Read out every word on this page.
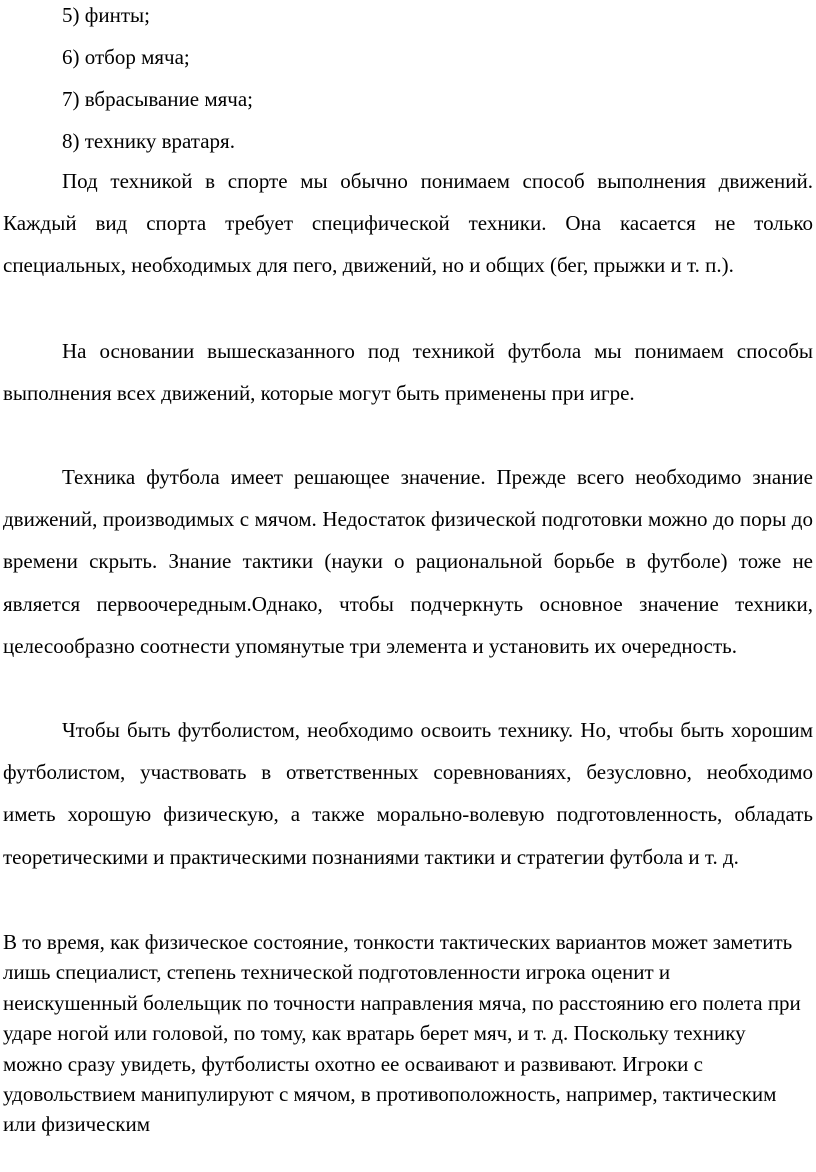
5) финты;
6) отбор мяча;
7) вбрасывание мяча;
8) технику вратаря.

Под техникой в спорте мы обычно понимаем способ выполнения движений. Каждый вид спорта требует специфической техники. Она касается не только специальных, необходимых для пего, движений, но и общих (бег, прыжки и т. п.).

На основании вышесказанного под техникой футбола мы понимаем способы выполнения всех движений, которые могут быть применены при игре.

Техника футбола имеет решающее значение. Прежде всего необходимо знание движений, производимых с мячом. Недостаток физической подготовки можно до поры до времени скрыть. Знание тактики (науки о рациональной борьбе в футболе) тоже не является первоочередным.Однако, чтобы подчеркнуть основное значение техники, целесообразно соотнести упомянутые три элемента и установить их очередность.

Чтобы быть футболистом, необходимо освоить технику. Но, чтобы быть хорошим футболистом, участвовать в ответственных соревнованиях, безусловно, необходимо иметь хорошую физическую, а также морально-волевую подготовленность, обладать теоретическими и практическими познаниями тактики и стратегии футбола и т. д.

В то время, как физическое состояние, тонкости тактических вариантов может заметить лишь специалист, степень технической подготовленности игрока оценит и неискушенный болельщик по точности направления мяча, по расстоянию его полета при ударе ногой или головой, по тому, как вратарь берет мяч, и т. д. Поскольку технику можно сразу увидеть, футболисты охотно ее осваивают и развивают. Игроки с удовольствием манипулируют с мячом, в противоположность, например, тактическим или физическим
